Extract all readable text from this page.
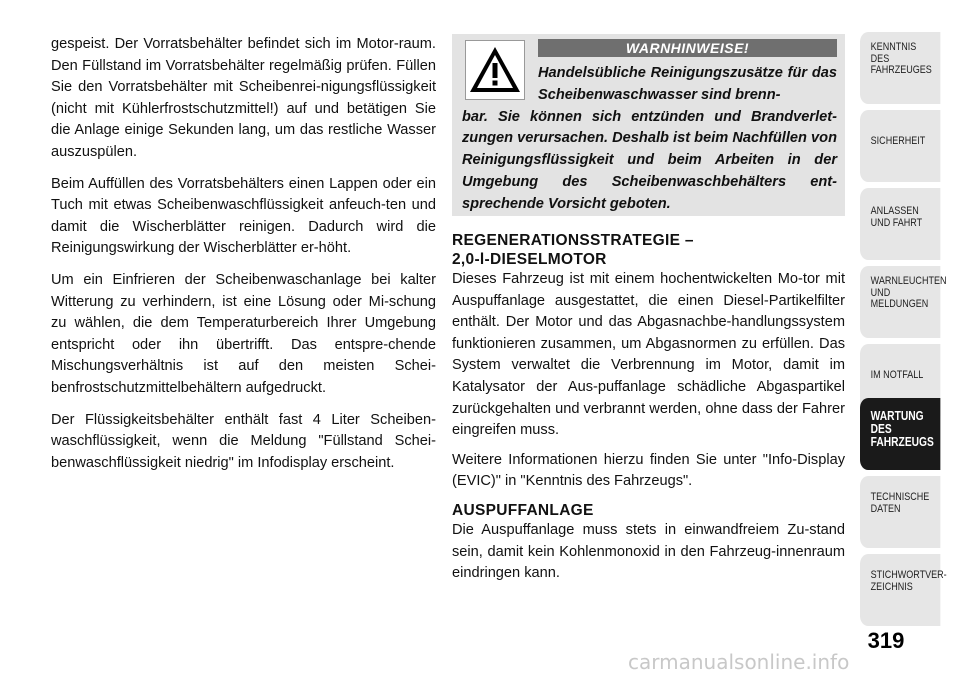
gespeist. Der Vorratsbehälter befindet sich im Motor-raum. Den Füllstand im Vorratsbehälter regelmäßig prüfen. Füllen Sie den Vorratsbehälter mit Scheibenrei-nigungsflüssigkeit (nicht mit Kühlerfrostschutzmittel!) auf und betätigen Sie die Anlage einige Sekunden lang, um das restliche Wasser auszuspülen.

Beim Auffüllen des Vorratsbehälters einen Lappen oder ein Tuch mit etwas Scheibenwaschflüssigkeit anfeuch-ten und damit die Wischerblätter reinigen. Dadurch wird die Reinigungswirkung der Wischerblätter er-höht.

Um ein Einfrieren der Scheibenwaschanlage bei kalter Witterung zu verhindern, ist eine Lösung oder Mi-schung zu wählen, die dem Temperaturbereich Ihrer Umgebung entspricht oder ihn übertrifft. Das entspre-chende Mischungsverhältnis ist auf den meisten Schei-benfrostschutzmittelbehältern aufgedruckt.

Der Flüssigkeitsbehälter enthält fast 4 Liter Scheiben-waschflüssigkeit, wenn die Meldung "Füllstand Schei-benwaschflüssigkeit niedrig" im Infodisplay erscheint.

WARNHINWEISE!
Handelsübliche Reinigungszusätze für das Scheibenwaschwasser sind brenn-
bar. Sie können sich entzünden und Brandverlet-zungen verursachen. Deshalb ist beim Nachfüllen von Reinigungsflüssigkeit und beim Arbeiten in der Umgebung des Scheibenwaschbehälters ent-sprechende Vorsicht geboten.
REGENERATIONSSTRATEGIE –
2,0-l-DIESELMOTOR

Dieses Fahrzeug ist mit einem hochentwickelten Mo-tor mit Auspuffanlage ausgestattet, die einen Diesel-Partikelfilter enthält. Der Motor und das Abgasnachbe-handlungssystem funktionieren zusammen, um Abgasnormen zu erfüllen. Das System verwaltet die Verbrennung im Motor, damit im Katalysator der Aus-puffanlage schädliche Abgaspartikel zurückgehalten und verbrannt werden, ohne dass der Fahrer eingreifen muss.

Weitere Informationen hierzu finden Sie unter "Info-Display (EVIC)" in "Kenntnis des Fahrzeugs".

AUSPUFFANLAGE

Die Auspuffanlage muss stets in einwandfreiem Zu-stand sein, damit kein Kohlenmonoxid in den Fahrzeug-innenraum eindringen kann.

KENNTNIS
DES
FAHRZEUGES
SICHERHEIT
ANLASSEN
UND FAHRT
WARNLEUCHTEN
UND
MELDUNGEN
IM NOTFALL
WARTUNG
DES
FAHRZEUGS
TECHNISCHE
DATEN
STICHWORTVER-
ZEICHNIS
319
carmanualsonline.info
